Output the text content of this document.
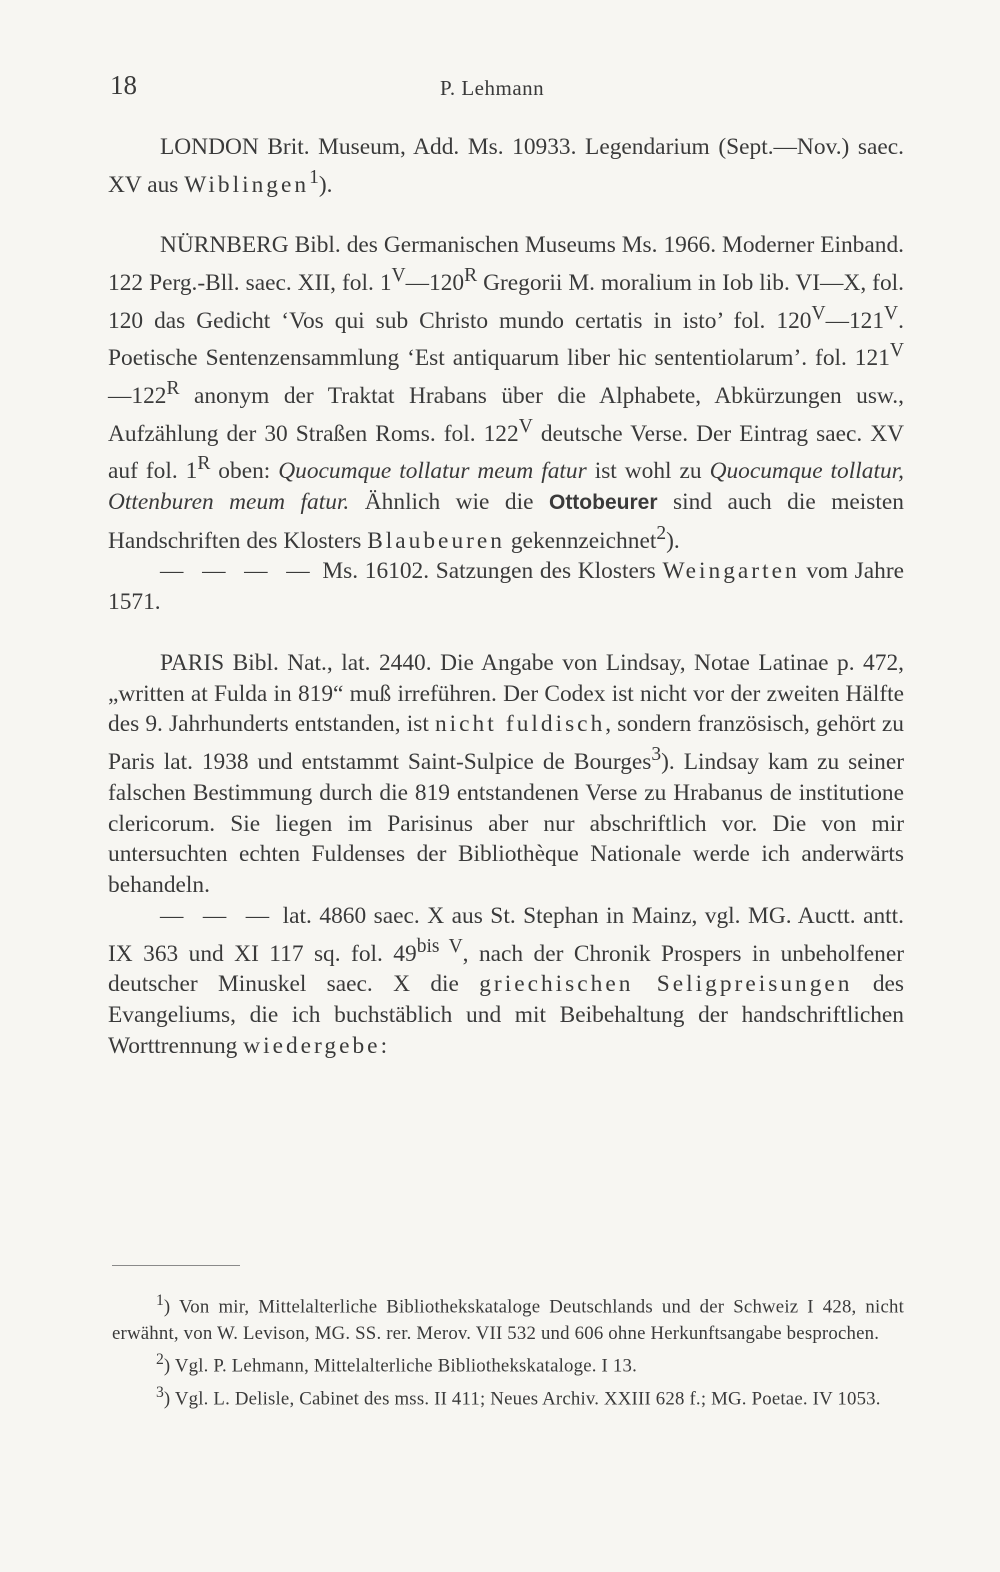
18	P. Lehmann

LONDON Brit. Museum, Add. Ms. 10933. Legendarium (Sept.—Nov.) saec. XV aus Wiblingen$^1$).

NÜRNBERG Bibl. des Germanischen Museums Ms. 1966. Moderner Einband. 122 Perg.-Bll. saec. XII, fol. $1^V—120^R$ Gregorii M. moralium in Iob lib. VI—X, fol. 120 das Gedicht ‘Vos qui sub Christo mundo certatis in isto’ fol. $120^V—121^V$. Poetische Sentenzensammlung ‘Est antiquarum liber hic sententiolarum’. fol. $121^V—122^R$ anonym der Traktat Hrabans über die Alphabete, Abkürzungen usw., Aufzählung der 30 Straßen Roms. fol. $122^V$ deutsche Verse. Der Eintrag saec. XV auf fol. $1^R$ oben: Quocumque tollatur meum fatur ist wohl zu Quocumque tollatur, Ottenburen meum fatur. Ähnlich wie die Ottobeurer sind auch die meisten Handschriften des Klosters Blaubeuren gekennzeichnet$^2$).

— — — — Ms. 16102. Satzungen des Klosters Weingarten vom Jahre 1571.

PARIS Bibl. Nat., lat. 2440. Die Angabe von Lindsay, Notae Latinae p. 472, „written at Fulda in 819“ muß irreführen. Der Codex ist nicht vor der zweiten Hälfte des 9. Jahrhunderts entstanden, ist nicht fuldisch, sondern französisch, gehört zu Paris lat. 1938 und entstammt Saint-Sulpice de Bourges$^3$). Lindsay kam zu seiner falschen Bestimmung durch die 819 entstandenen Verse zu Hrabanus de institutione clericorum. Sie liegen im Parisinus aber nur abschriftlich vor. Die von mir untersuchten echten Fuldenses der Bibliothèque Nationale werde ich anderwärts behandeln.

— — — lat. 4860 saec. X aus St. Stephan in Mainz, vgl. MG. Auctt. antt. IX 363 und XI 117 sq. fol. $49^{bis V}$, nach der Chronik Prospers in unbeholfener deutscher Minuskel saec. X die griechischen Seligpreisungen des Evangeliums, die ich buchstäblich und mit Beibehaltung der handschriftlichen Worttrennung wiedergebe:

$^1$) Von mir, Mittelalterliche Bibliothekskataloge Deutschlands und der Schweiz I 428, nicht erwähnt, von W. Levison, MG. SS. rer. Merov. VII 532 und 606 ohne Herkunftsangabe besprochen.

$^2$) Vgl. P. Lehmann, Mittelalterliche Bibliothekskataloge. I 13.

$^3$) Vgl. L. Delisle, Cabinet des mss. II 411; Neues Archiv. XXIII 628 f.; MG. Poetae. IV 1053.
